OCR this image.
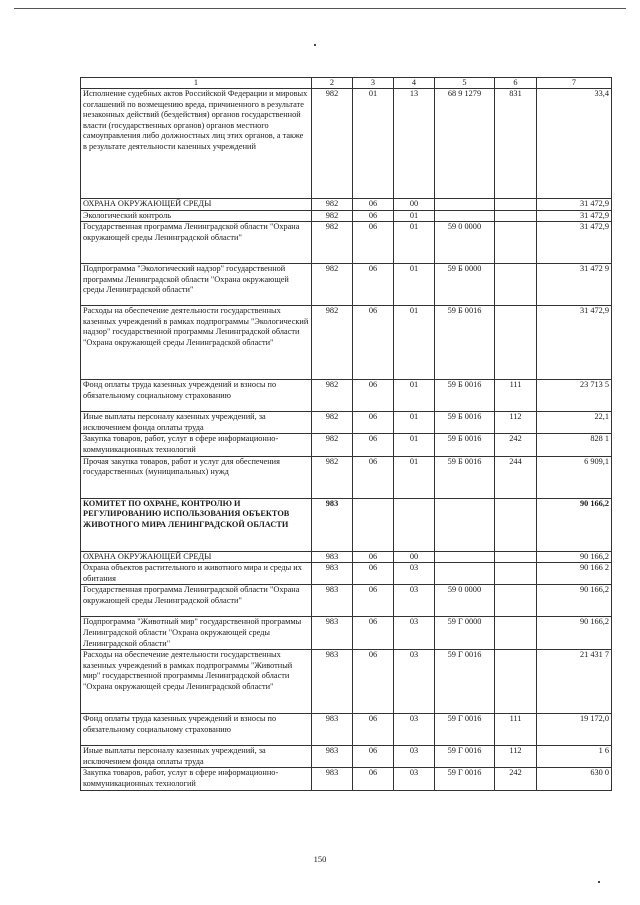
1	2	3	4	5	6	7
Исполнение судебных актов Российской Федерации и мировых соглашений по возмещению вреда, причиненного в результате незаконных действий (бездействия) органов государственной власти (государственных органов) органов местного самоуправления либо должностных лиц этих органов, а также в результате деятельности казенных учреждений	982	01	13	68 9 1279	831	33,4
ОХРАНА ОКРУЖАЮЩЕЙ СРЕДЫ	982	06	00			31 472,9
Экологический контроль	982	06	01			31 472,9
Государственная программа Ленинградской области "Охрана окружающей среды Ленинградской области"	982	06	01	59 0 0000		31 472,9
Подпрограмма "Экологический надзор" государственной программы Ленинградской области "Охрана окружающей среды Ленинградской области"	982	06	01	59 Б 0000		31 472 9
Расходы на обеспечение деятельности государственных казенных учреждений в рамках подпрограммы "Экологический надзор" государственной программы Ленинградской области "Охрана окружающей среды Ленинградской области"	982	06	01	59 Б 0016		31 472,9
Фонд оплаты труда казенных учреждений и взносы по обязательному социальному страхованию	982	06	01	59 Б 0016	111	23 713 5
Иные выплаты персоналу казенных учреждений, за исключением фонда оплаты труда	982	06	01	59 Б 0016	112	22,1
Закупка товаров, работ, услуг в сфере информационно-коммуникационных технологий	982	06	01	59 Б 0016	242	828 1
Прочая закупка товаров, работ и услуг для обеспечения государственных (муниципальных) нужд	982	06	01	59 Б 0016	244	6 909,1
КОМИТЕТ ПО ОХРАНЕ, КОНТРОЛЮ И РЕГУЛИРОВАНИЮ ИСПОЛЬЗОВАНИЯ ОБЪЕКТОВ ЖИВОТНОГО МИРА ЛЕНИНГРАДСКОЙ ОБЛАСТИ	983					90 166,2
ОХРАНА ОКРУЖАЮЩЕЙ СРЕДЫ	983	06	00			90 166,2
Охрана объектов растительного и животного мира и среды их обитания	983	06	03			90 166 2
Государственная программа Ленинградской области "Охрана окружающей среды Ленинградской области"	983	06	03	59 0 0000		90 166,2
Подпрограмма "Животный мир" государственной программы Ленинградской области "Охрана окружающей среды Ленинградской области"	983	06	03	59 Г 0000		90 166,2
Расходы на обеспечение деятельности государственных казенных учреждений в рамках подпрограммы "Животный мир" государственной программы Ленинградской области "Охрана окружающей среды Ленинградской области"	983	06	03	59 Г 0016		21 431 7
Фонд оплаты труда казенных учреждений и взносы по обязательному социальному страхованию	983	06	03	59 Г 0016	111	19 172,0
Иные выплаты персоналу казенных учреждений, за исключением фонда оплаты труда	983	06	03	59 Г 0016	112	1 6
Закупка товаров, работ, услуг в сфере информационно-коммуникационных технологий	983	06	03	59 Г 0016	242	630 0
150
